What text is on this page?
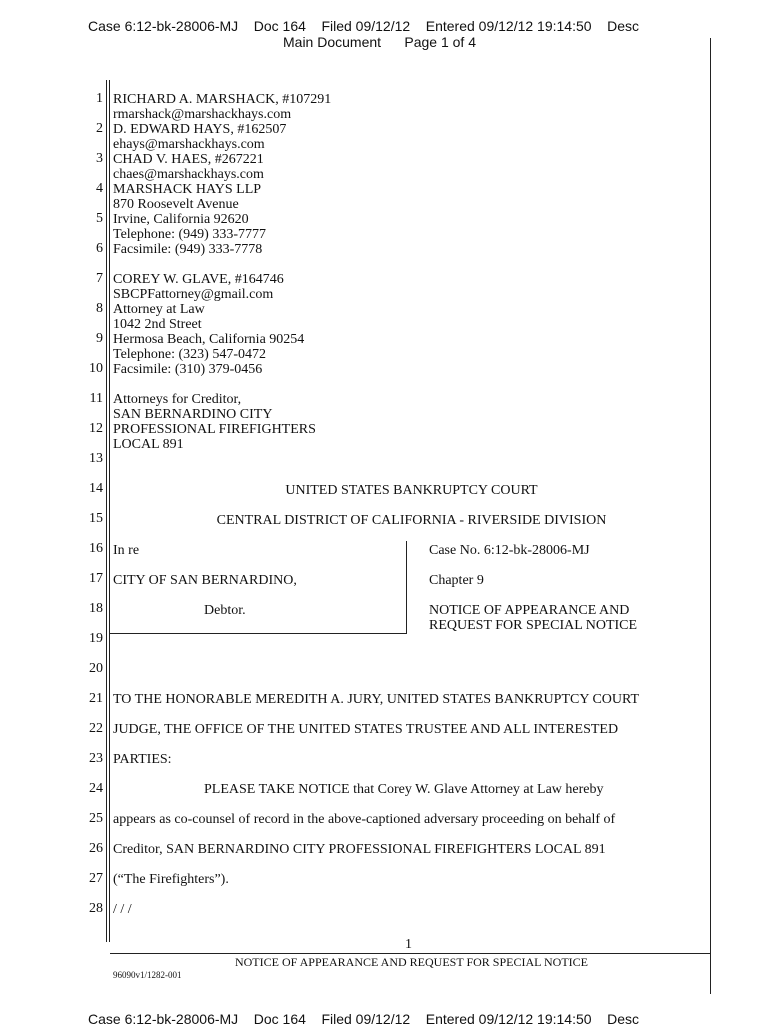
Case 6:12-bk-28006-MJ    Doc 164    Filed 09/12/12    Entered 09/12/12 19:14:50    Desc
Main Document      Page 1 of 4
1
2
3
4
5
6
7
8
9
10
11
12
13
14
15
16
17
18
19
20
21
22
23
24
25
26
27
28
RICHARD A. MARSHACK, #107291
rmarshack@marshackhays.com
D. EDWARD HAYS, #162507
ehays@marshackhays.com
CHAD V. HAES, #267221
chaes@marshackhays.com
MARSHACK HAYS LLP
870 Roosevelt Avenue
Irvine, California 92620
Telephone: (949) 333-7777
Facsimile: (949) 333-7778
COREY W. GLAVE, #164746
SBCPFattorney@gmail.com
Attorney at Law
1042 2nd Street
Hermosa Beach, California 90254
Telephone: (323) 547-0472
Facsimile: (310) 379-0456
Attorneys for Creditor,
SAN BERNARDINO CITY
PROFESSIONAL FIREFIGHTERS
LOCAL 891
UNITED STATES BANKRUPTCY COURT
CENTRAL DISTRICT OF CALIFORNIA - RIVERSIDE DIVISION
In re
CITY OF SAN BERNARDINO,
Debtor.
Case No. 6:12-bk-28006-MJ
Chapter 9
NOTICE OF APPEARANCE AND
REQUEST FOR SPECIAL NOTICE
TO THE HONORABLE MEREDITH A. JURY, UNITED STATES BANKRUPTCY COURT
JUDGE, THE OFFICE OF THE UNITED STATES TRUSTEE AND ALL INTERESTED
PARTIES:
PLEASE TAKE NOTICE that Corey W. Glave Attorney at Law hereby
appears as co-counsel of record in the above-captioned adversary proceeding on behalf of
Creditor, SAN BERNARDINO CITY PROFESSIONAL FIREFIGHTERS LOCAL 891
(“The Firefighters”).
/ / /
1
NOTICE OF APPEARANCE AND REQUEST FOR SPECIAL NOTICE
96090v1/1282-001
Case 6:12-bk-28006-MJ    Doc 164    Filed 09/12/12    Entered 09/12/12 19:14:50    Desc
